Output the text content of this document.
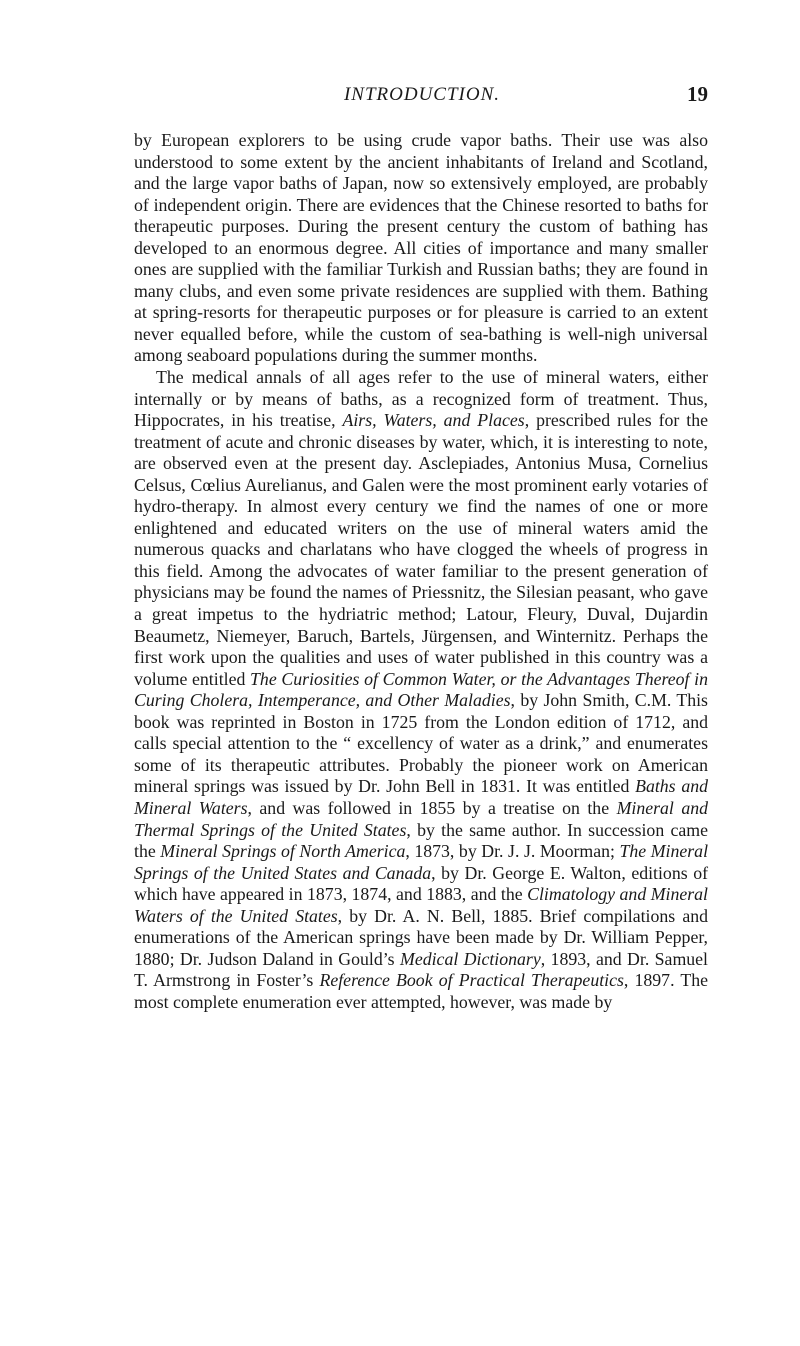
INTRODUCTION.	19

by European explorers to be using crude vapor baths. Their use was also understood to some extent by the ancient inhabitants of Ireland and Scotland, and the large vapor baths of Japan, now so extensively employed, are probably of independent origin. There are evidences that the Chinese resorted to baths for therapeutic purposes. During the present century the custom of bathing has developed to an enormous degree. All cities of importance and many smaller ones are supplied with the familiar Turkish and Russian baths; they are found in many clubs, and even some private residences are supplied with them. Bathing at spring-resorts for therapeutic purposes or for pleasure is carried to an extent never equalled before, while the custom of sea-bathing is well-nigh universal among seaboard populations during the summer months.

The medical annals of all ages refer to the use of mineral waters, either internally or by means of baths, as a recognized form of treatment. Thus, Hippocrates, in his treatise, Airs, Waters, and Places, prescribed rules for the treatment of acute and chronic diseases by water, which, it is interesting to note, are observed even at the present day. Asclepiades, Antonius Musa, Cornelius Celsus, Cœlius Aurelianus, and Galen were the most prominent early votaries of hydro-therapy. In almost every century we find the names of one or more enlightened and educated writers on the use of mineral waters amid the numerous quacks and charlatans who have clogged the wheels of progress in this field. Among the advocates of water familiar to the present generation of physicians may be found the names of Priessnitz, the Silesian peasant, who gave a great impetus to the hydriatric method; Latour, Fleury, Duval, Dujardin Beaumetz, Niemeyer, Baruch, Bartels, Jürgensen, and Winternitz. Perhaps the first work upon the qualities and uses of water published in this country was a volume entitled The Curiosities of Common Water, or the Advantages Thereof in Curing Cholera, Intemperance, and Other Maladies, by John Smith, C.M. This book was reprinted in Boston in 1725 from the London edition of 1712, and calls special attention to the “ excellency of water as a drink,” and enumerates some of its therapeutic attributes. Probably the pioneer work on American mineral springs was issued by Dr. John Bell in 1831. It was entitled Baths and Mineral Waters, and was followed in 1855 by a treatise on the Mineral and Thermal Springs of the United States, by the same author. In succession came the Mineral Springs of North America, 1873, by Dr. J. J. Moorman; The Mineral Springs of the United States and Canada, by Dr. George E. Walton, editions of which have appeared in 1873, 1874, and 1883, and the Climatology and Mineral Waters of the United States, by Dr. A. N. Bell, 1885. Brief compilations and enumerations of the American springs have been made by Dr. William Pepper, 1880; Dr. Judson Daland in Gould’s Medical Dictionary, 1893, and Dr. Samuel T. Armstrong in Foster’s Reference Book of Practical Therapeutics, 1897. The most complete enumeration ever attempted, however, was made by
